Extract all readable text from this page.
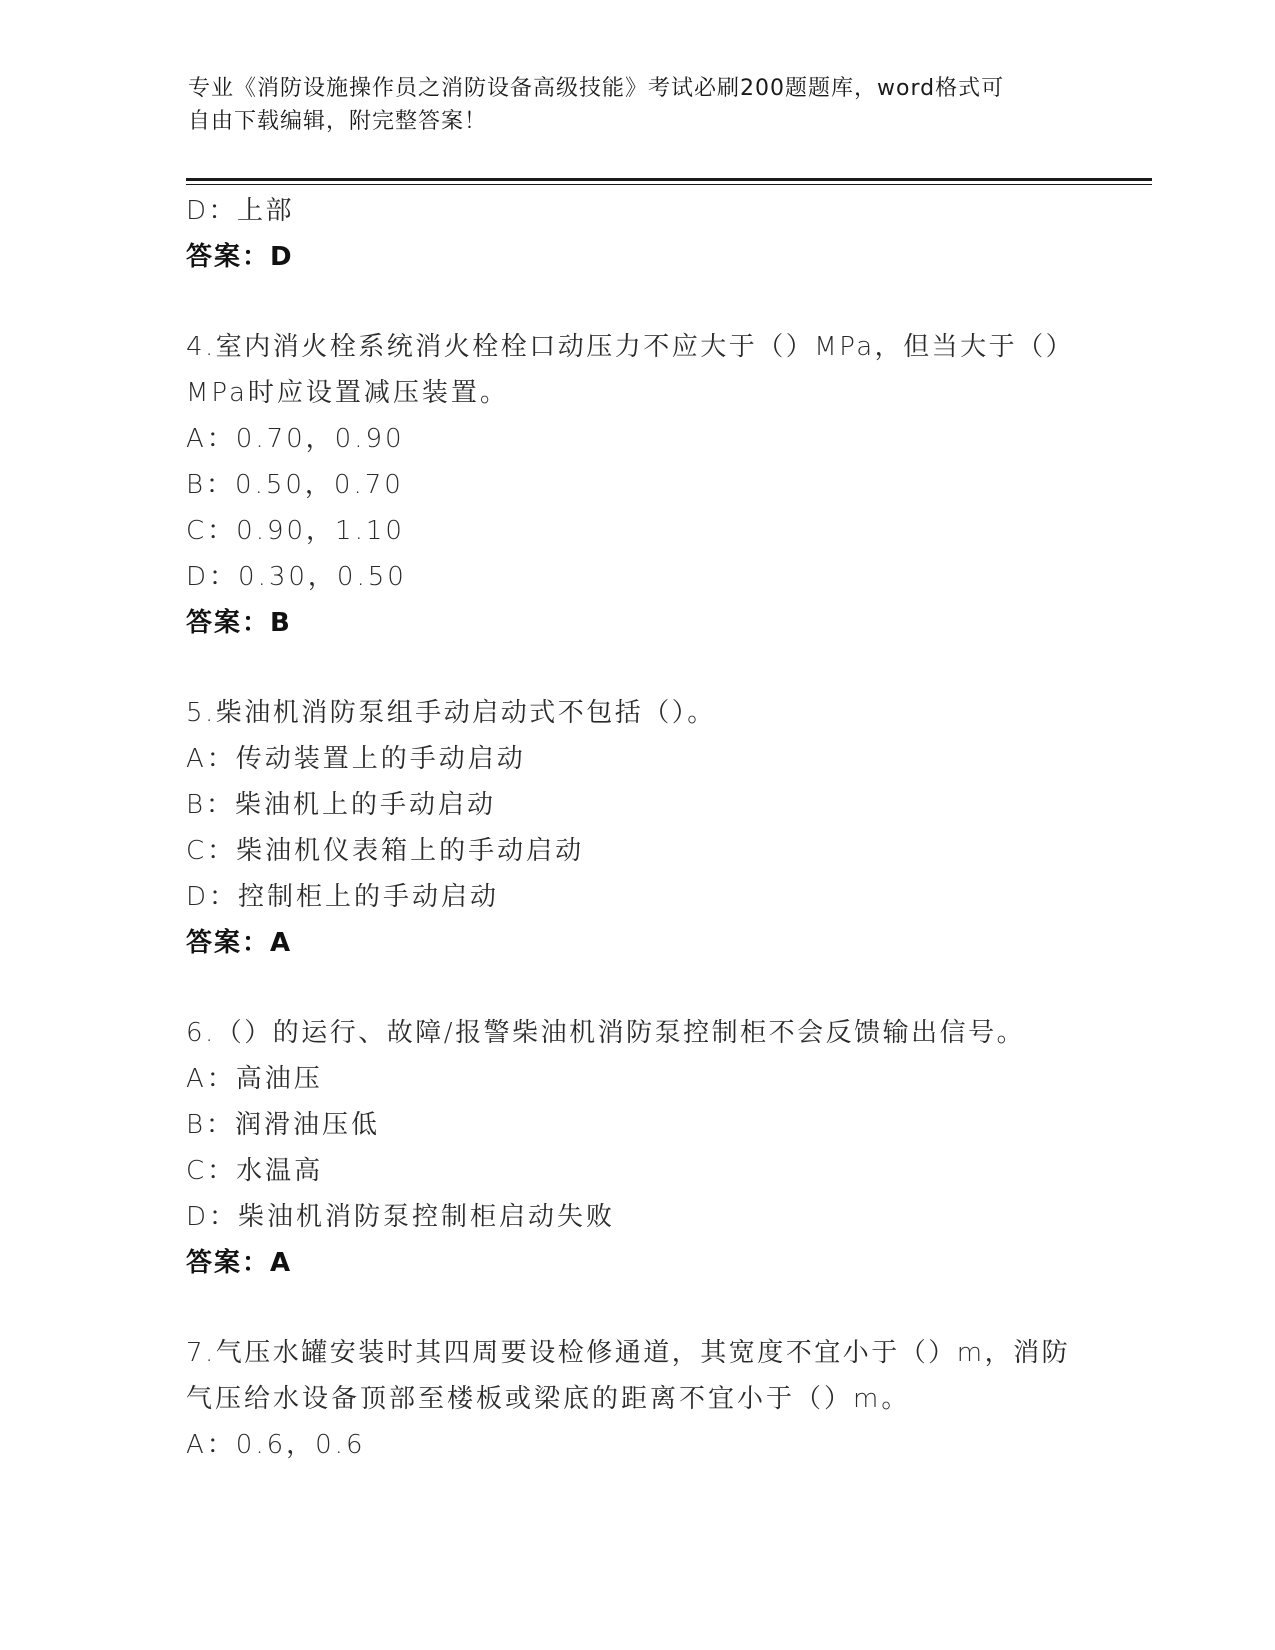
专业《消防设施操作员之消防设备高级技能》考试必刷200题题库，word格式可
自由下载编辑，附完整答案！
D：上部
答案：D
4.室内消火栓系统消火栓栓口动压力不应大于（）MPa，但当大于（）
MPa时应设置减压装置。
A：0.70，0.90
B：0.50，0.70
C：0.90，1.10
D：0.30，0.50
答案：B
5.柴油机消防泵组手动启动式不包括（）。
A：传动装置上的手动启动
B：柴油机上的手动启动
C：柴油机仪表箱上的手动启动
D：控制柜上的手动启动
答案：A
6.（）的运行、故障/报警柴油机消防泵控制柜不会反馈输出信号。
A：高油压
B：润滑油压低
C：水温高
D：柴油机消防泵控制柜启动失败
答案：A
7.气压水罐安装时其四周要设检修通道，其宽度不宜小于（）m，消防
气压给水设备顶部至楼板或梁底的距离不宜小于（）m。
A：0.6，0.6
